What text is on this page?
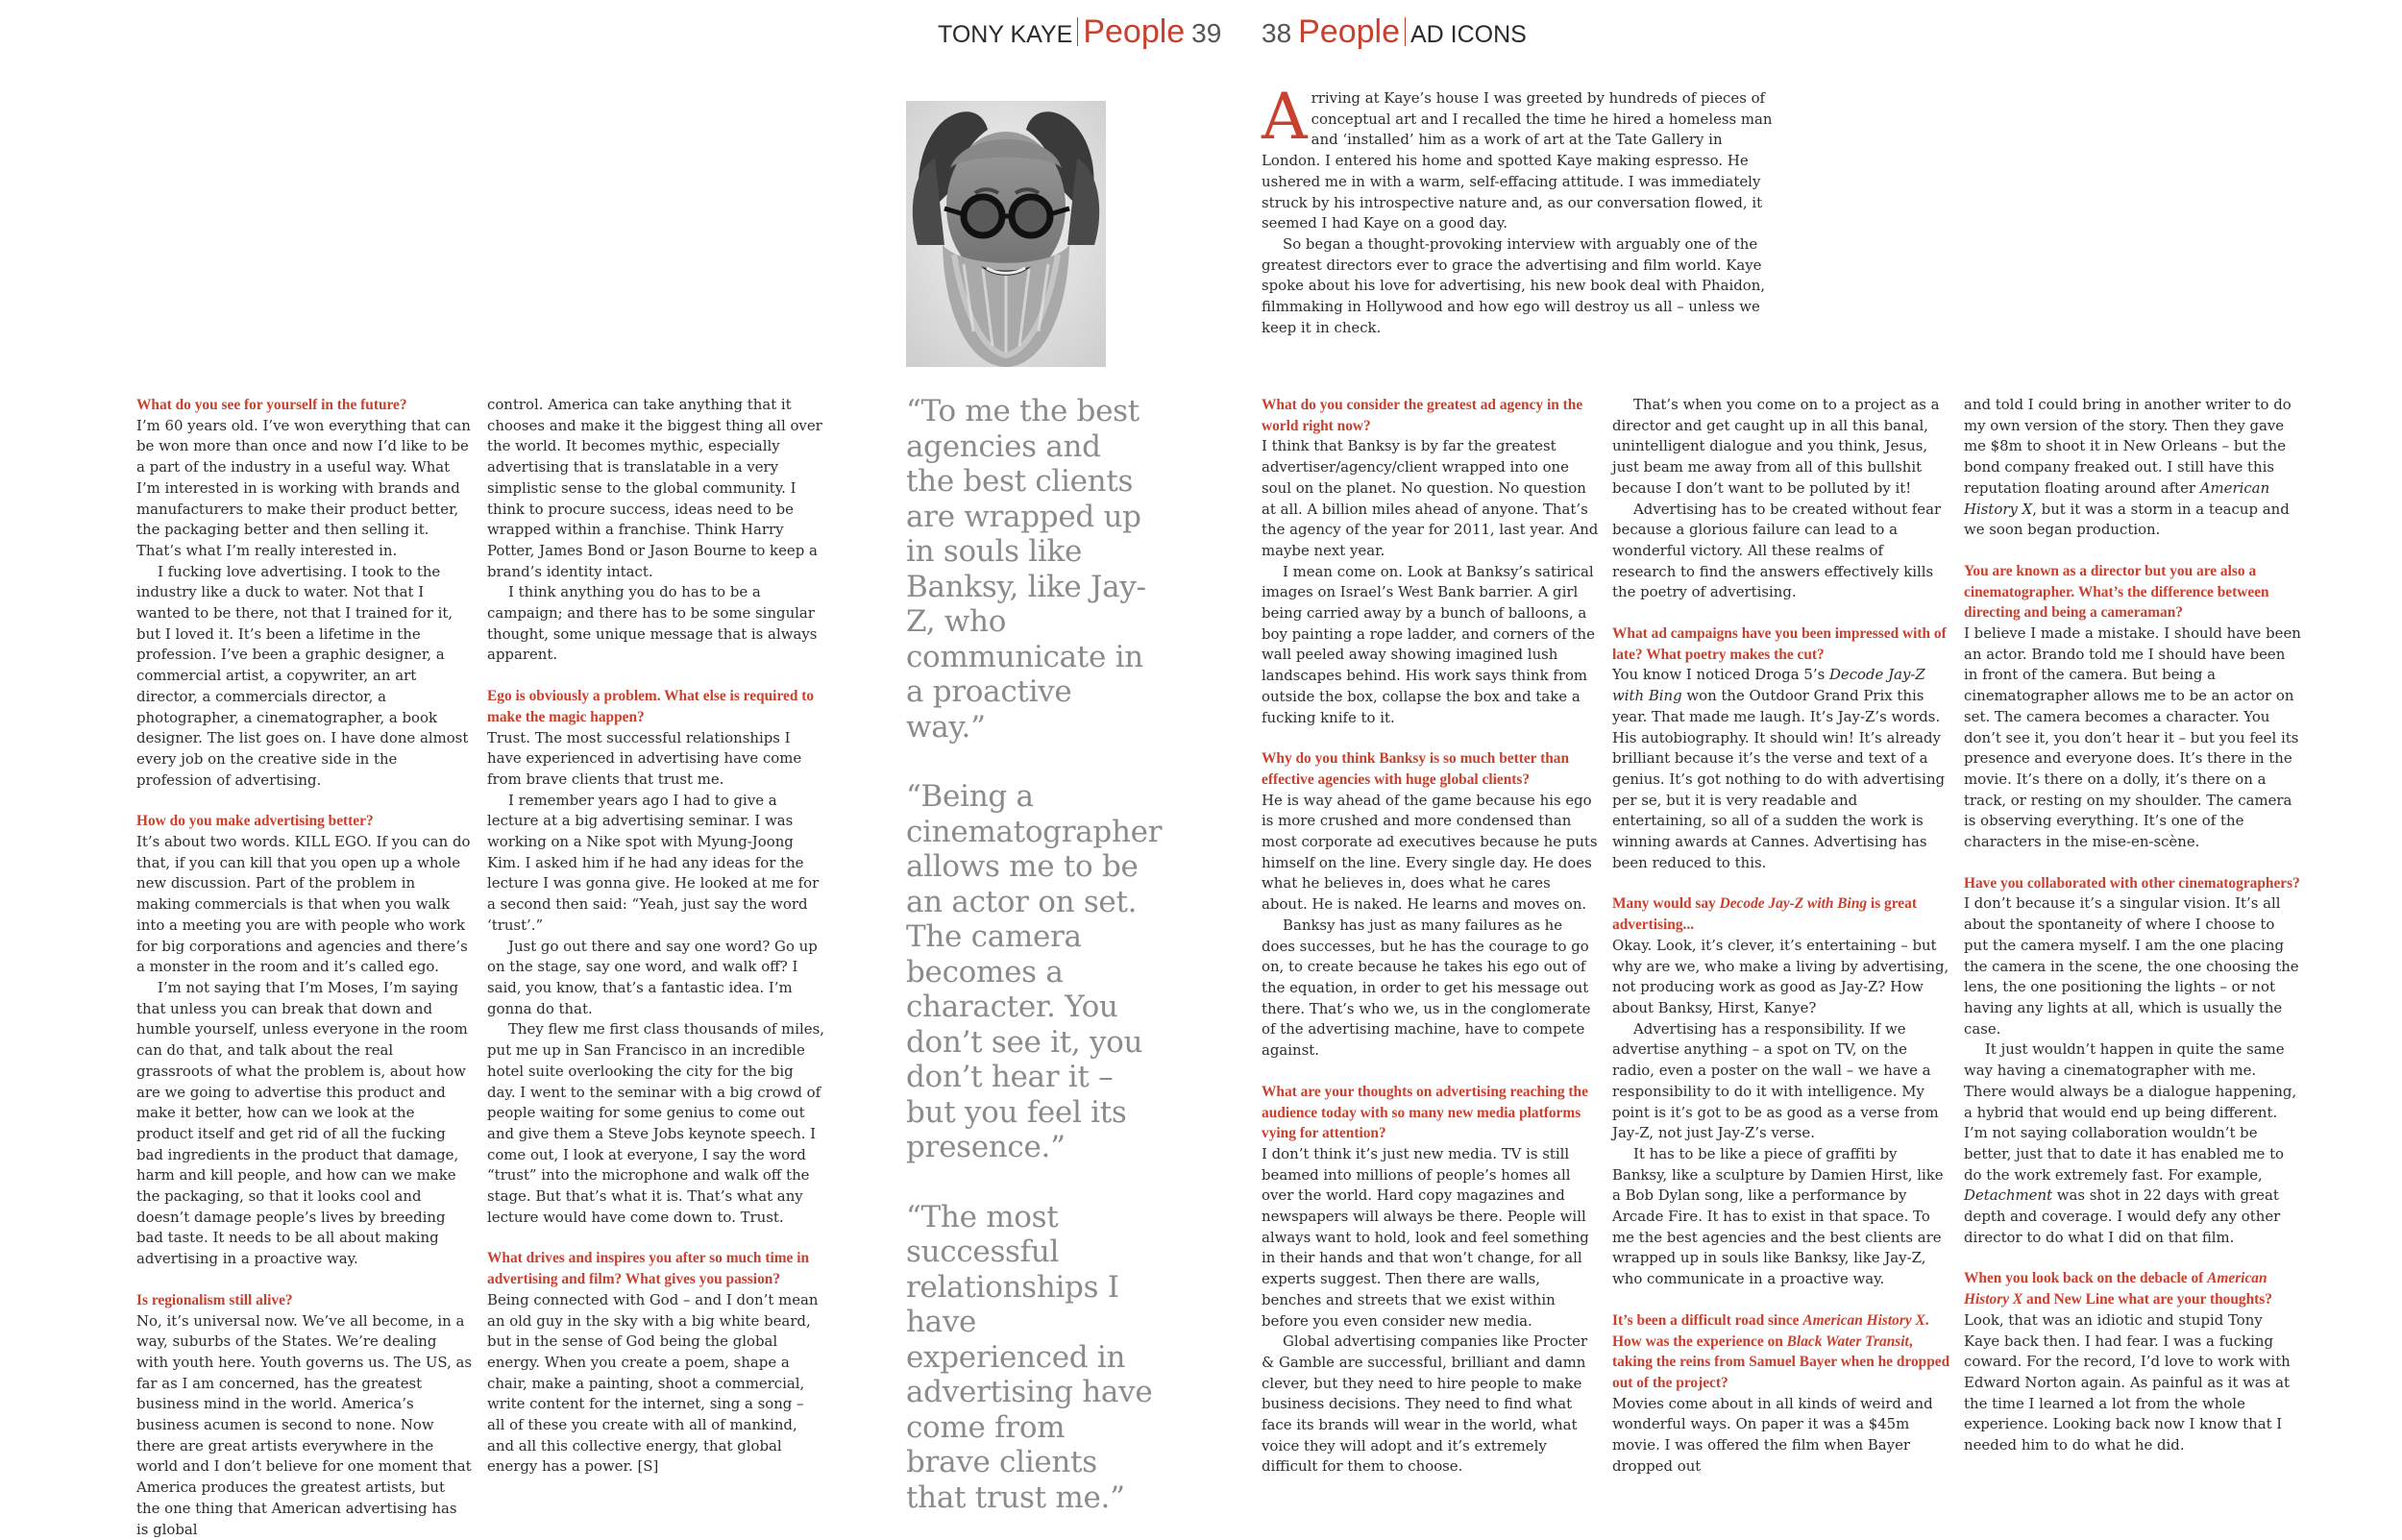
TONY KAYE People 39 38 People AD ICONS

“To me the best agencies and the best clients are wrapped up in souls like Banksy, like Jay-Z, who communicate in a proactive way.”

“Being a cinematographer allows me to be an actor on set. The camera becomes a character. You don’t see it, you don’t hear it – but you feel its presence.”

“The most successful relationships I have experienced in advertising have come from brave clients that trust me.”

Arriving at Kaye’s house I was greeted by hundreds of pieces of conceptual art and I recalled the time he hired a homeless man and ‘installed’ him as a work of art at the Tate Gallery in London. I entered his home and spotted Kaye making espresso. He ushered me in with a warm, self-effacing attitude. I was immediately struck by his introspective nature and, as our conversation flowed, it seemed I had Kaye on a good day.

So began a thought-provoking interview with arguably one of the greatest directors ever to grace the advertising and film world. Kaye spoke about his love for advertising, his new book deal with Phaidon, filmmaking in Hollywood and how ego will destroy us all – unless we keep it in check.

What do you see for yourself in the future?

I’m 60 years old. I’ve won everything that can be won more than once and now I’d like to be a part of the industry in a useful way. What I’m interested in is working with brands and manufacturers to make their product better, the packaging better and then selling it. That’s what I’m really interested in.

I fucking love advertising. I took to the industry like a duck to water. Not that I wanted to be there, not that I trained for it, but I loved it. It’s been a lifetime in the profession. I’ve been a graphic designer, a commercial artist, a copywriter, an art director, a commercials director, a photographer, a cinematographer, a book designer. The list goes on. I have done almost every job on the creative side in the profession of advertising.

How do you make advertising better?

It’s about two words. KILL EGO. If you can do that, if you can kill that you open up a whole new discussion. Part of the problem in making commercials is that when you walk into a meeting you are with people who work for big corporations and agencies and there’s a monster in the room and it’s called ego.

I’m not saying that I’m Moses, I’m saying that unless you can break that down and humble yourself, unless everyone in the room can do that, and talk about the real grassroots of what the problem is, about how are we going to advertise this product and make it better, how can we look at the product itself and get rid of all the fucking bad ingredients in the product that damage, harm and kill people, and how can we make the packaging, so that it looks cool and doesn’t damage people’s lives by breeding bad taste. It needs to be all about making advertising in a proactive way.

Is regionalism still alive?

No, it’s universal now. We’ve all become, in a way, suburbs of the States. We’re dealing with youth here. Youth governs us. The US, as far as I am concerned, has the greatest business mind in the world. America’s business acumen is second to none. Now there are great artists everywhere in the world and I don’t believe for one moment that America produces the greatest artists, but the one thing that American advertising has is global

control. America can take anything that it chooses and make it the biggest thing all over the world. It becomes mythic, especially advertising that is translatable in a very simplistic sense to the global community. I think to procure success, ideas need to be wrapped within a franchise. Think Harry Potter, James Bond or Jason Bourne to keep a brand’s identity intact.

I think anything you do has to be a campaign; and there has to be some singular thought, some unique message that is always apparent.

Ego is obviously a problem. What else is required to make the magic happen?

Trust. The most successful relationships I have experienced in advertising have come from brave clients that trust me.

I remember years ago I had to give a lecture at a big advertising seminar. I was working on a Nike spot with Myung-Joong Kim. I asked him if he had any ideas for the lecture I was gonna give. He looked at me for a second then said: “Yeah, just say the word ‘trust’.”

Just go out there and say one word? Go up on the stage, say one word, and walk off? I said, you know, that’s a fantastic idea. I’m gonna do that.

They flew me first class thousands of miles, put me up in San Francisco in an incredible hotel suite overlooking the city for the big day. I went to the seminar with a big crowd of people waiting for some genius to come out and give them a Steve Jobs keynote speech. I come out, I look at everyone, I say the word “trust” into the microphone and walk off the stage. But that’s what it is. That’s what any lecture would have come down to. Trust.

What drives and inspires you after so much time in advertising and film? What gives you passion?

Being connected with God – and I don’t mean an old guy in the sky with a big white beard, but in the sense of God being the global energy. When you create a poem, shape a chair, make a painting, shoot a commercial, write content for the internet, sing a song – all of these you create with all of mankind, and all this collective energy, that global energy has a power. [S]

What do you consider the greatest ad agency in the world right now?

I think that Banksy is by far the greatest advertiser/agency/client wrapped into one soul on the planet. No question. No question at all. A billion miles ahead of anyone. That’s the agency of the year for 2011, last year. And maybe next year.

I mean come on. Look at Banksy’s satirical images on Israel’s West Bank barrier. A girl being carried away by a bunch of balloons, a boy painting a rope ladder, and corners of the wall peeled away showing imagined lush landscapes behind. His work says think from outside the box, collapse the box and take a fucking knife to it.

Why do you think Banksy is so much better than effective agencies with huge global clients?

He is way ahead of the game because his ego is more crushed and more condensed than most corporate ad executives because he puts himself on the line. Every single day. He does what he believes in, does what he cares about. He is naked. He learns and moves on.

Banksy has just as many failures as he does successes, but he has the courage to go on, to create because he takes his ego out of the equation, in order to get his message out there. That’s who we, us in the conglomerate of the advertising machine, have to compete against.

What are your thoughts on advertising reaching the audience today with so many new media platforms vying for attention?

I don’t think it’s just new media. TV is still beamed into millions of people’s homes all over the world. Hard copy magazines and newspapers will always be there. People will always want to hold, look and feel something in their hands and that won’t change, for all experts suggest. Then there are walls, benches and streets that we exist within before you even consider new media.

Global advertising companies like Procter & Gamble are successful, brilliant and damn clever, but they need to hire people to make business decisions. They need to find what face its brands will wear in the world, what voice they will adopt and it’s extremely difficult for them to choose.

That’s when you come on to a project as a director and get caught up in all this banal, unintelligent dialogue and you think, Jesus, just beam me away from all of this bullshit because I don’t want to be polluted by it!

Advertising has to be created without fear because a glorious failure can lead to a wonderful victory. All these realms of research to find the answers effectively kills the poetry of advertising.

What ad campaigns have you been impressed with of late? What poetry makes the cut?

You know I noticed Droga 5’s Decode Jay-Z with Bing won the Outdoor Grand Prix this year. That made me laugh. It’s Jay-Z’s words. His autobiography. It should win! It’s already brilliant because it’s the verse and text of a genius. It’s got nothing to do with advertising per se, but it is very readable and entertaining, so all of a sudden the work is winning awards at Cannes. Advertising has been reduced to this.

Many would say Decode Jay-Z with Bing is great advertising...

Okay. Look, it’s clever, it’s entertaining – but why are we, who make a living by advertising, not producing work as good as Jay-Z? How about Banksy, Hirst, Kanye?

Advertising has a responsibility. If we advertise anything – a spot on TV, on the radio, even a poster on the wall – we have a responsibility to do it with intelligence. My point is it’s got to be as good as a verse from Jay-Z, not just Jay-Z’s verse.

It has to be like a piece of graffiti by Banksy, like a sculpture by Damien Hirst, like a Bob Dylan song, like a performance by Arcade Fire. It has to exist in that space. To me the best agencies and the best clients are wrapped up in souls like Banksy, like Jay-Z, who communicate in a proactive way.

It’s been a difficult road since American History X. How was the experience on Black Water Transit, taking the reins from Samuel Bayer when he dropped out of the project?

Movies come about in all kinds of weird and wonderful ways. On paper it was a $45m movie. I was offered the film when Bayer dropped out

and told I could bring in another writer to do my own version of the story. Then they gave me $8m to shoot it in New Orleans – but the bond company freaked out. I still have this reputation floating around after American History X, but it was a storm in a teacup and we soon began production.

You are known as a director but you are also a cinematographer. What’s the difference between directing and being a cameraman?

I believe I made a mistake. I should have been an actor. Brando told me I should have been in front of the camera. But being a cinematographer allows me to be an actor on set. The camera becomes a character. You don’t see it, you don’t hear it – but you feel its presence and everyone does. It’s there in the movie. It’s there on a dolly, it’s there on a track, or resting on my shoulder. The camera is observing everything. It’s one of the characters in the mise-en-scène.

Have you collaborated with other cinematographers?

I don’t because it’s a singular vision. It’s all about the spontaneity of where I choose to put the camera myself. I am the one placing the camera in the scene, the one choosing the lens, the one positioning the lights – or not having any lights at all, which is usually the case.

It just wouldn’t happen in quite the same way having a cinematographer with me. There would always be a dialogue happening, a hybrid that would end up being different. I’m not saying collaboration wouldn’t be better, just that to date it has enabled me to do the work extremely fast. For example, Detachment was shot in 22 days with great depth and coverage. I would defy any other director to do what I did on that film.

When you look back on the debacle of American History X and New Line what are your thoughts?

Look, that was an idiotic and stupid Tony Kaye back then. I had fear. I was a fucking coward. For the record, I’d love to work with Edward Norton again. As painful as it was at the time I learned a lot from the whole experience. Looking back now I know that I needed him to do what he did.
